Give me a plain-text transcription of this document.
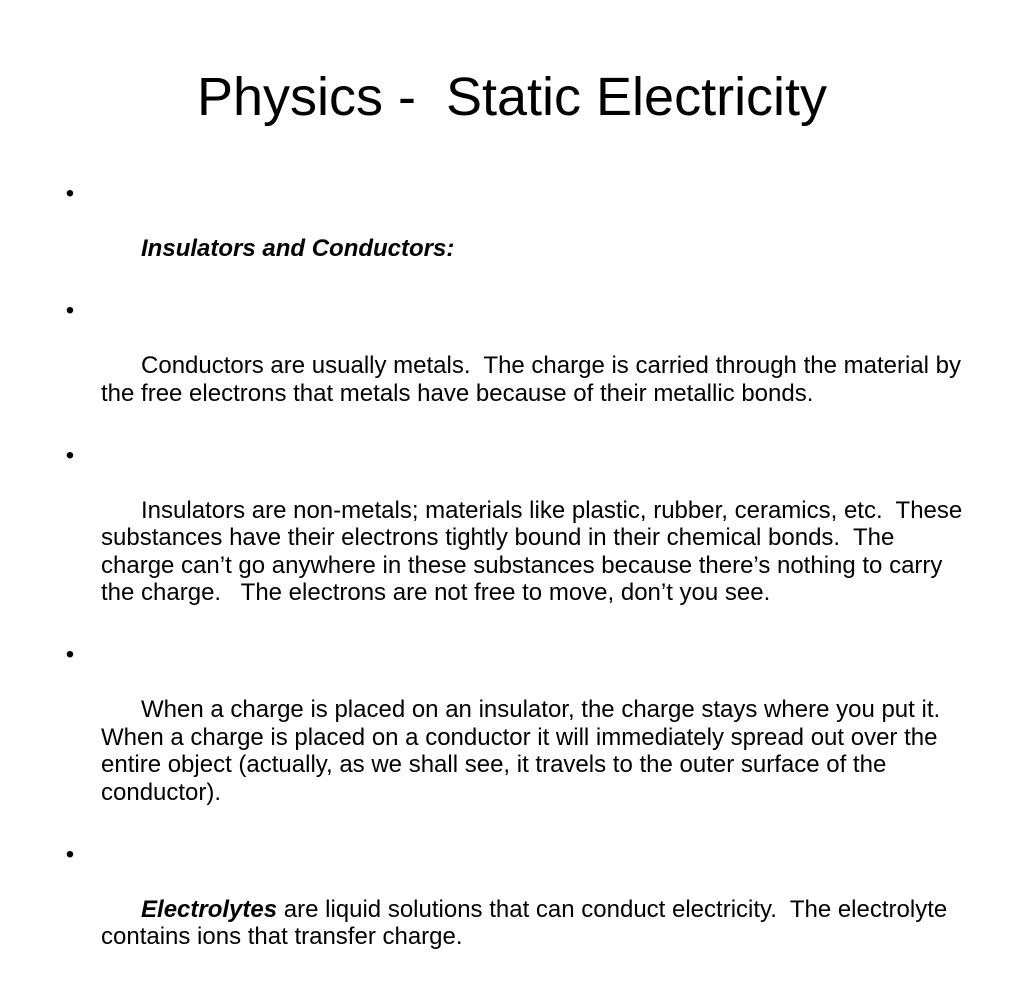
Physics -  Static Electricity

•

Insulators and Conductors:

•

Conductors are usually metals.  The charge is carried through the material by the free electrons that metals have because of their metallic bonds.

•

Insulators are non-metals; materials like plastic, rubber, ceramics, etc.  These substances have their electrons tightly bound in their chemical bonds.  The charge can’t go anywhere in these substances because there’s nothing to carry the charge.   The electrons are not free to move, don’t you see.

•

When a charge is placed on an insulator, the charge stays where you put it.  When a charge is placed on a conductor it will immediately spread out over the entire object (actually, as we shall see, it travels to the outer surface of the conductor).

•

Electrolytes are liquid solutions that can conduct electricity.  The electrolyte contains ions that transfer charge.
